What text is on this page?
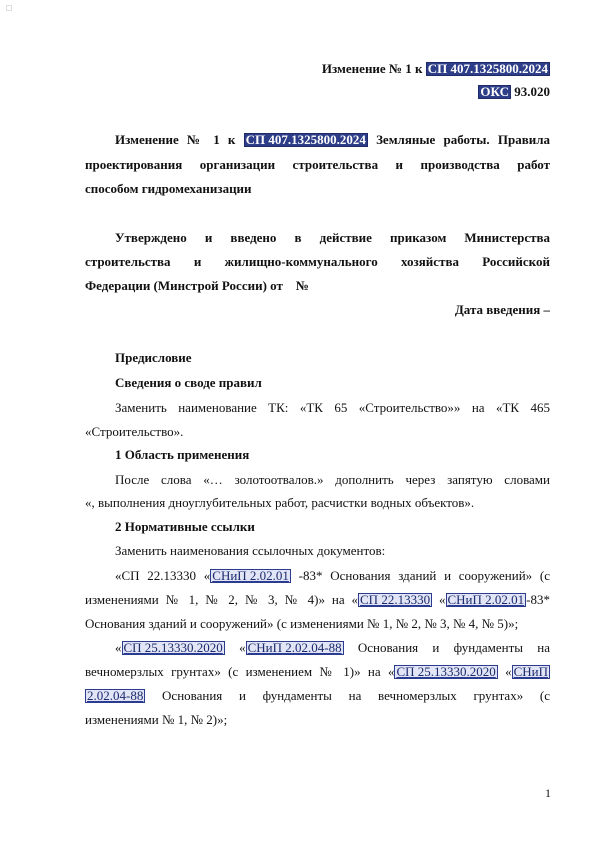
Изменение № 1 к СП 407.1325800.2024
ОКС 93.020
Изменение № 1 к СП 407.1325800.2024 Земляные работы. Правила
проектирования организации строительства и производства работ
способом гидромеханизации
Утверждено и введено в действие приказом Министерства
строительства и жилищно-коммунального хозяйства Российской
Федерации (Минстрой России) от    №
Дата введения –
Предисловие
Сведения о своде правил
Заменить наименование ТК: «ТК 65 «Строительство»» на «ТК 465
«Строительство».
1 Область применения
После слова «… золотоотвалов.» дополнить через запятую словами
«, выполнения дноуглубительных работ, расчистки водных объектов».
2 Нормативные ссылки
Заменить наименования ссылочных документов:
«СП 22.13330 « СНиП 2.02.01 -83* Основания зданий и сооружений» (с
изменениями № 1, № 2, № 3, № 4)» на « СП 22.13330 « СНиП 2.02.01 -83*
Основания зданий и сооружений» (с изменениями № 1, № 2, № 3, № 4, № 5)»;
« СП 25.13330.2020 « СНиП 2.02.04-88 Основания и фундаменты на
вечномерзлых грунтах» (с изменением № 1)» на « СП 25.13330.2020 « СНиП
2.02.04-88 Основания и фундаменты на вечномерзлых грунтах» (с
изменениями № 1, № 2)»;
1
